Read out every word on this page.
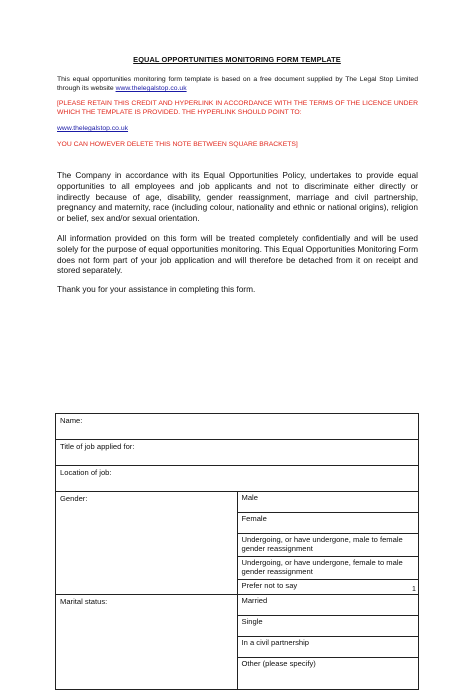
EQUAL OPPORTUNITIES MONITORING FORM TEMPLATE
This equal opportunities monitoring form template is based on a free document supplied by The Legal Stop Limited through its website www.thelegalstop.co.uk
[PLEASE RETAIN THIS CREDIT AND HYPERLINK IN ACCORDANCE WITH THE TERMS OF THE LICENCE UNDER WHICH THE TEMPLATE IS PROVIDED. THE HYPERLINK SHOULD POINT TO:
www.thelegalstop.co.uk
YOU CAN HOWEVER DELETE THIS NOTE BETWEEN SQUARE BRACKETS]
The Company in accordance with its Equal Opportunities Policy, undertakes to provide equal opportunities to all employees and job applicants and not to discriminate either directly or indirectly because of age, disability, gender reassignment, marriage and civil partnership, pregnancy and maternity, race (including colour, nationality and ethnic or national origins), religion or belief, sex and/or sexual orientation.
All information provided on this form will be treated completely confidentially and will be used solely for the purpose of equal opportunities monitoring. This Equal Opportunities Monitoring Form does not form part of your job application and will therefore be detached from it on receipt and stored separately.
Thank you for your assistance in completing this form.
Name:
Title of job applied for:
Location of job:
Gender:		Male
Female
Undergoing, or have undergone, male to female gender reassignment
Undergoing, or have undergone, female to male gender reassignment
Prefer not to say

Marital status:		Married
Single
In a civil partnership
Other (please specify)
1
